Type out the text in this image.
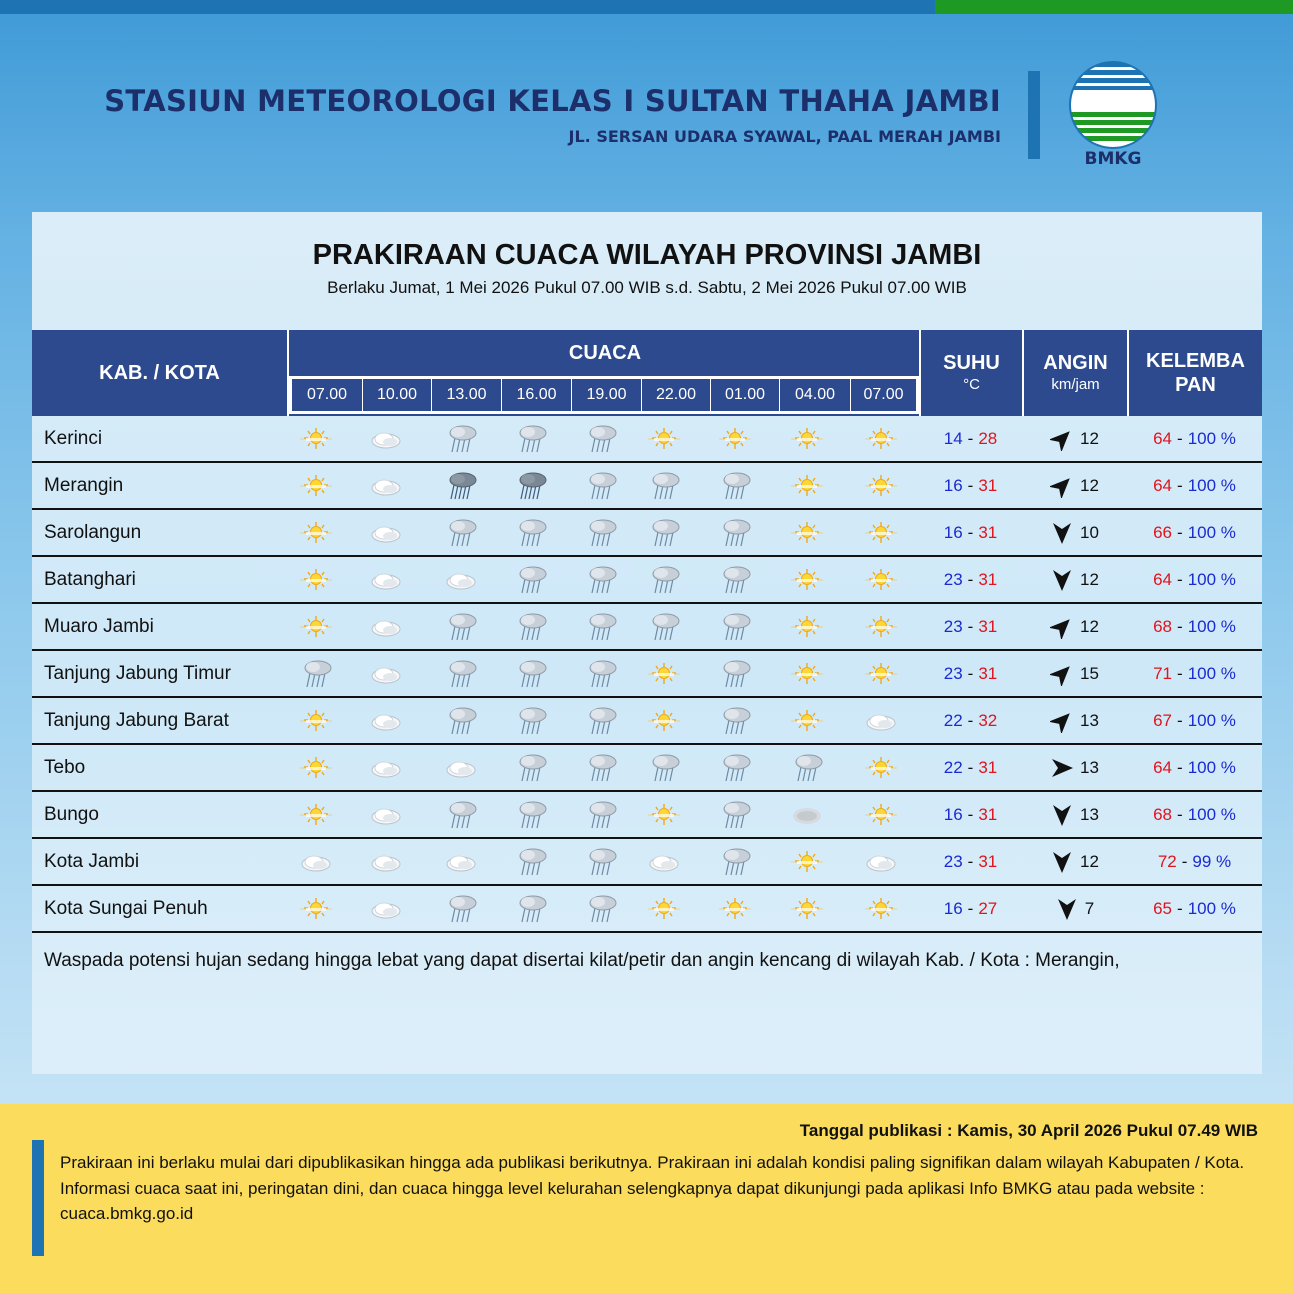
STASIUN METEOROLOGI KELAS I SULTAN THAHA JAMBI
JL. SERSAN UDARA SYAWAL, PAAL MERAH JAMBI
BMKG
PRAKIRAAN CUACA WILAYAH PROVINSI JAMBI
Berlaku Jumat, 1 Mei 2026 Pukul 07.00 WIB s.d. Sabtu, 2 Mei 2026 Pukul 07.00 WIB
KAB. / KOTA
CUACA
07.00	10.00	13.00	16.00	19.00	22.00	01.00	04.00	07.00
SUHU
°C
ANGIN
km/jam
KELEMBA
PAN
Kerinci	14 - 28	12	64 - 100 %
Merangin	16 - 31	12	64 - 100 %
Sarolangun	16 - 31	10	66 - 100 %
Batanghari	23 - 31	12	64 - 100 %
Muaro Jambi	23 - 31	12	68 - 100 %
Tanjung Jabung Timur	23 - 31	15	71 - 100 %
Tanjung Jabung Barat	22 - 32	13	67 - 100 %
Tebo	22 - 31	13	64 - 100 %
Bungo	16 - 31	13	68 - 100 %
Kota Jambi	23 - 31	12	72 - 99 %
Kota Sungai Penuh	16 - 27	7	65 - 100 %
Waspada potensi hujan sedang hingga lebat yang dapat disertai kilat/petir dan angin kencang di wilayah Kab. / Kota : Merangin,
Tanggal publikasi : Kamis, 30 April 2026 Pukul 07.49 WIB
Prakiraan ini berlaku mulai dari dipublikasikan hingga ada publikasi berikutnya. Prakiraan ini adalah kondisi paling signifikan dalam wilayah Kabupaten / Kota. Informasi cuaca saat ini, peringatan dini, dan cuaca hingga level kelurahan selengkapnya dapat dikunjungi pada aplikasi Info BMKG atau pada website : cuaca.bmkg.go.id
